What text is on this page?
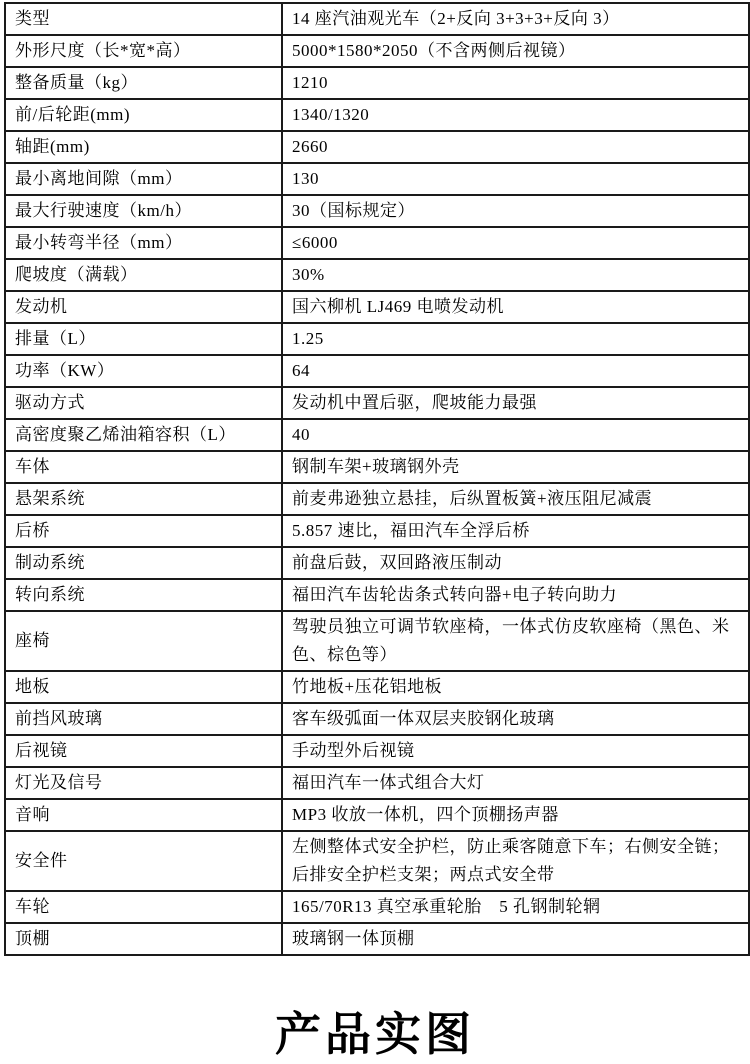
类型	14 座汽油观光车（2+反向 3+3+3+反向 3）
外形尺度（长*宽*高）	5000*1580*2050（不含两侧后视镜）
整备质量（kg）	1210
前/后轮距(mm)	1340/1320
轴距(mm)	2660
最小离地间隙（mm）	130
最大行驶速度（km/h）	30（国标规定）
最小转弯半径（mm）	≤6000
爬坡度（满载）	30%
发动机	国六柳机 LJ469 电喷发动机
排量（L）	1.25
功率（KW）	64
驱动方式	发动机中置后驱，爬坡能力最强
高密度聚乙烯油箱容积（L）	40
车体	钢制车架+玻璃钢外壳
悬架系统	前麦弗逊独立悬挂，后纵置板簧+液压阻尼减震
后桥	5.857 速比，福田汽车全浮后桥
制动系统	前盘后鼓，双回路液压制动
转向系统	福田汽车齿轮齿条式转向器+电子转向助力
座椅	驾驶员独立可调节软座椅，一体式仿皮软座椅（黑色、米色、棕色等）
地板	竹地板+压花铝地板
前挡风玻璃	客车级弧面一体双层夹胶钢化玻璃
后视镜	手动型外后视镜
灯光及信号	福田汽车一体式组合大灯
音响	MP3 收放一体机，四个顶棚扬声器
安全件	左侧整体式安全护栏，防止乘客随意下车；右侧安全链；后排安全护栏支架；两点式安全带
车轮	165/70R13 真空承重轮胎　5 孔钢制轮辋
顶棚	玻璃钢一体顶棚
产品实图
